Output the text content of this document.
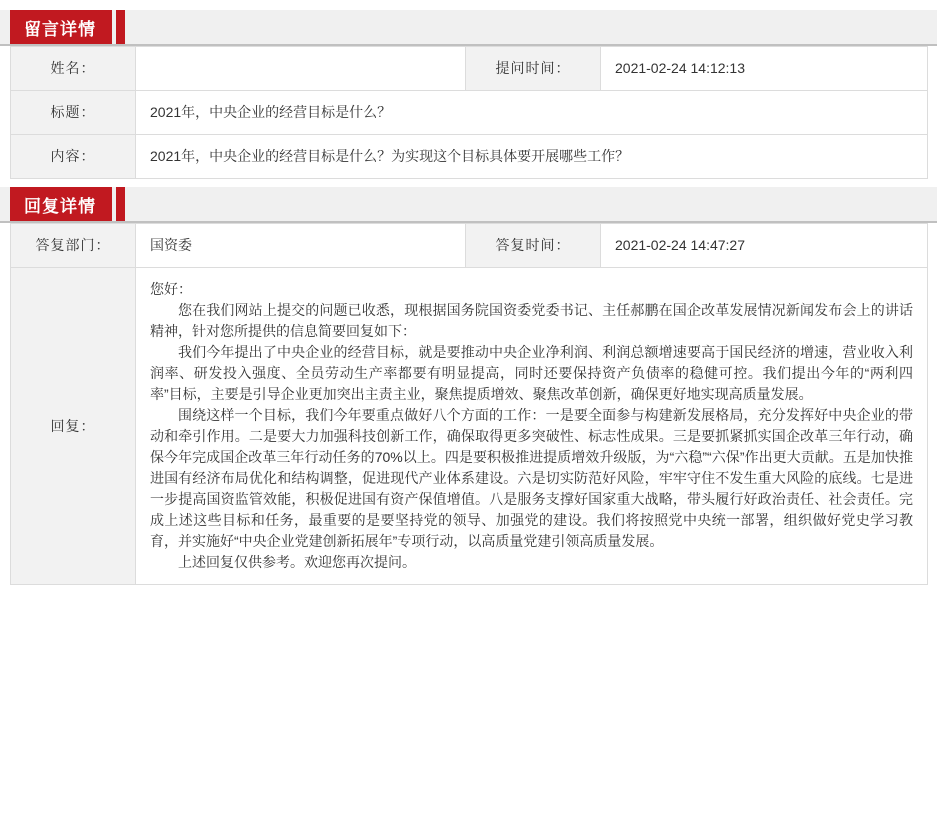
留言详情
姓名：		提问时间：	2021-02-24 14:12:13
标题：	2021年，中央企业的经营目标是什么？		
内容：	2021年，中央企业的经营目标是什么？为实现这个目标具体要开展哪些工作？		
回复详情
答复部门：	国资委	答复时间：	2021-02-24 14:47:27
回复：	您好：

您在我们网站上提交的问题已收悉，现根据国务院国资委党委书记、主任郝鹏在国企改革发展情况新闻发布会上的讲话精神，针对您所提供的信息简要回复如下：

我们今年提出了中央企业的经营目标，就是要推动中央企业净利润、利润总额增速要高于国民经济的增速，营业收入利润率、研发投入强度、全员劳动生产率都要有明显提高，同时还要保持资产负债率的稳健可控。我们提出今年的“两利四率”目标，主要是引导企业更加突出主责主业，聚焦提质增效、聚焦改革创新，确保更好地实现高质量发展。

围绕这样一个目标，我们今年要重点做好八个方面的工作：一是要全面参与构建新发展格局，充分发挥好中央企业的带动和牵引作用。二是要大力加强科技创新工作，确保取得更多突破性、标志性成果。三是要抓紧抓实国企改革三年行动，确保今年完成国企改革三年行动任务的70%以上。四是要积极推进提质增效升级版，为“六稳”“六保”作出更大贡献。五是加快推进国有经济布局优化和结构调整，促进现代产业体系建设。六是切实防范好风险，牢牢守住不发生重大风险的底线。七是进一步提高国资监管效能，积极促进国有资产保值增值。八是服务支撑好国家重大战略，带头履行好政治责任、社会责任。完成上述这些目标和任务，最重要的是要坚持党的领导、加强党的建设。我们将按照党中央统一部署，组织做好党史学习教育，并实施好“中央企业党建创新拓展年”专项行动，以高质量党建引领高质量发展。

上述回复仅供参考。欢迎您再次提问。		
